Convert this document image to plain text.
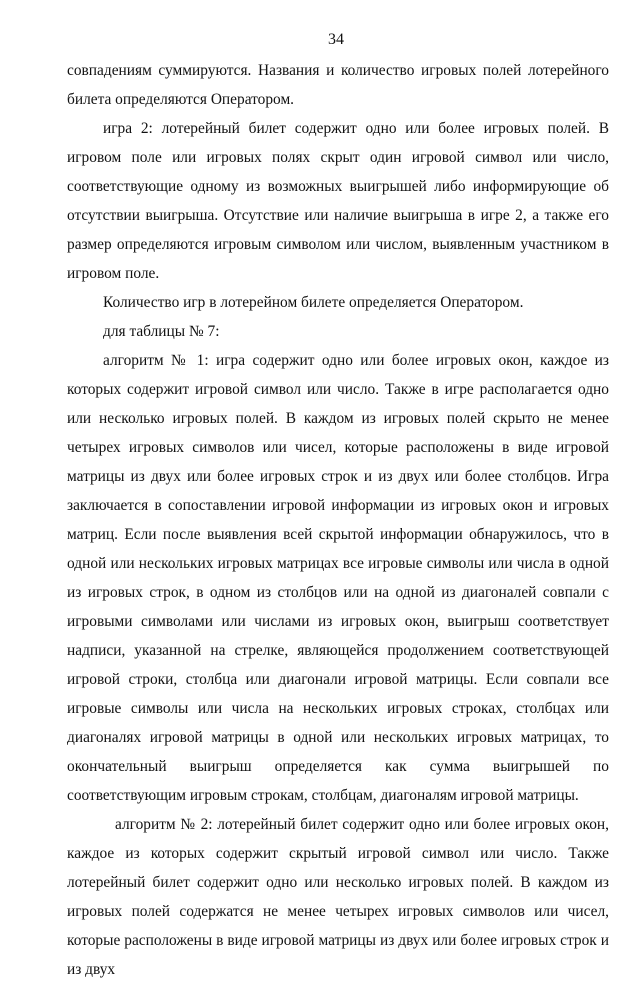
34

совпадениям суммируются. Названия и количество игровых полей лотерейного билета определяются Оператором.

игра 2: лотерейный билет содержит одно или более игровых полей. В игровом поле или игровых полях скрыт один игровой символ или число, соответствующие одному из возможных выигрышей либо информирующие об отсутствии выигрыша. Отсутствие или наличие выигрыша в игре 2, а также его размер определяются игровым символом или числом, выявленным участником в игровом поле.

Количество игр в лотерейном билете определяется Оператором.

для таблицы № 7:

алгоритм № 1: игра содержит одно или более игровых окон, каждое из которых содержит игровой символ или число. Также в игре располагается одно или несколько игровых полей. В каждом из игровых полей скрыто не менее четырех игровых символов или чисел, которые расположены в виде игровой матрицы из двух или более игровых строк и из двух или более столбцов. Игра заключается в сопоставлении игровой информации из игровых окон и игровых матриц. Если после выявления всей скрытой информации обнаружилось, что в одной или нескольких игровых матрицах все игровые символы или числа в одной из игровых строк, в одном из столбцов или на одной из диагоналей совпали с игровыми символами или числами из игровых окон, выигрыш соответствует надписи, указанной на стрелке, являющейся продолжением соответствующей игровой строки, столбца или диагонали игровой матрицы. Если совпали все игровые символы или числа на нескольких игровых строках, столбцах или диагоналях игровой матрицы в одной или нескольких игровых матрицах, то окончательный выигрыш определяется как сумма выигрышей по соответствующим игровым строкам, столбцам, диагоналям игровой матрицы.

алгоритм № 2: лотерейный билет содержит одно или более игровых окон, каждое из которых содержит скрытый игровой символ или число. Также лотерейный билет содержит одно или несколько игровых полей. В каждом из игровых полей содержатся не менее четырех игровых символов или чисел, которые расположены в виде игровой матрицы из двух или более игровых строк и из двух
